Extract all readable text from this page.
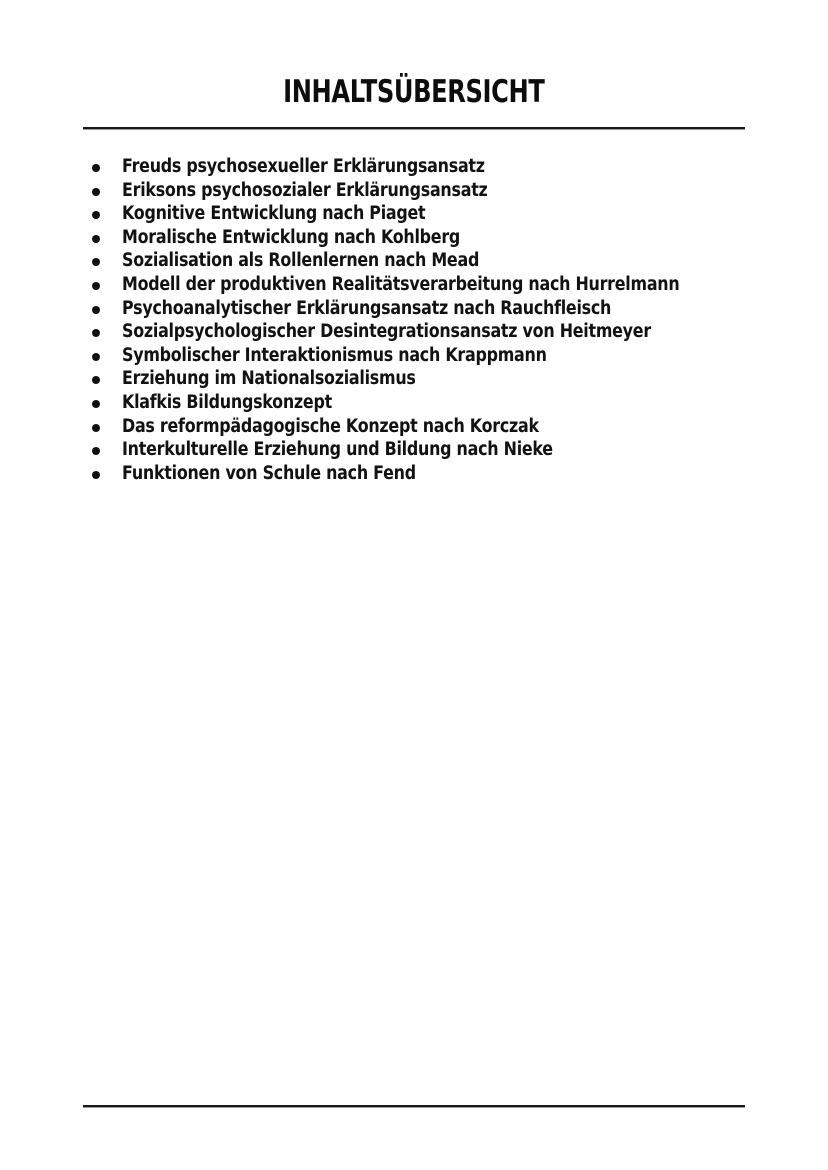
INHALTSÜBERSICHT
Freuds psychosexueller Erklärungsansatz
Eriksons psychosozialer Erklärungsansatz
Kognitive Entwicklung nach Piaget
Moralische Entwicklung nach Kohlberg
Sozialisation als Rollenlernen nach Mead
Modell der produktiven Realitätsverarbeitung nach Hurrelmann
Psychoanalytischer Erklärungsansatz nach Rauchfleisch
Sozialpsychologischer Desintegrationsansatz von Heitmeyer
Symbolischer Interaktionismus nach Krappmann
Erziehung im Nationalsozialismus
Klafkis Bildungskonzept
Das reformpädagogische Konzept nach Korczak
Interkulturelle Erziehung und Bildung nach Nieke
Funktionen von Schule nach Fend
